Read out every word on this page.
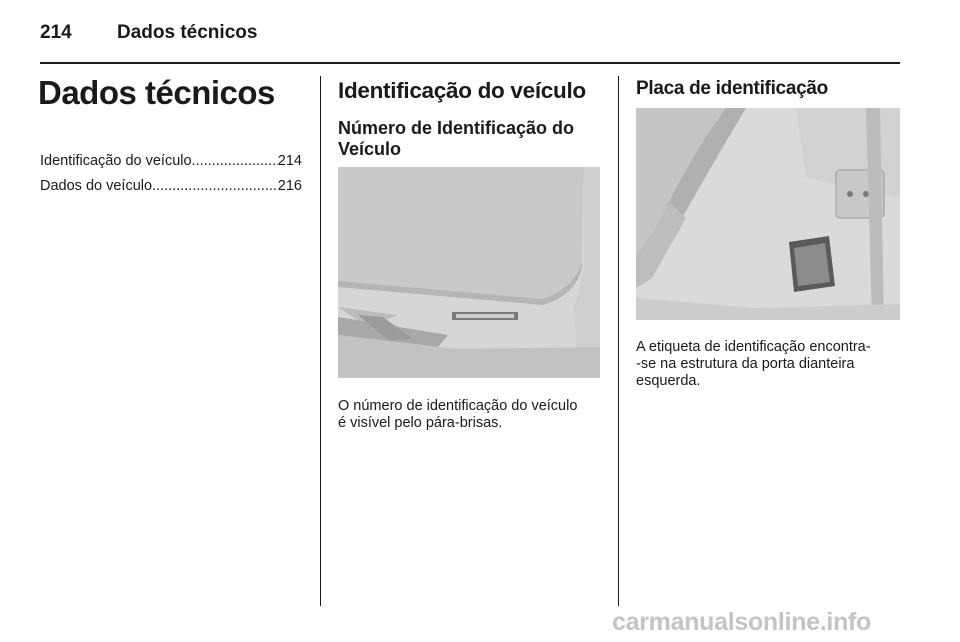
214 Dados técnicos
Dados técnicos
Identificação do veículo .....	214
Dados do veículo .....	216
Identificação do veículo
Número de Identificação do
Veículo
O número de identificação do veículo
é visível pelo pára-brisas.
Placa de identificação
A etiqueta de identificação encontra-
-se na estrutura da porta dianteira
esquerda.
carmanualsonline.info
